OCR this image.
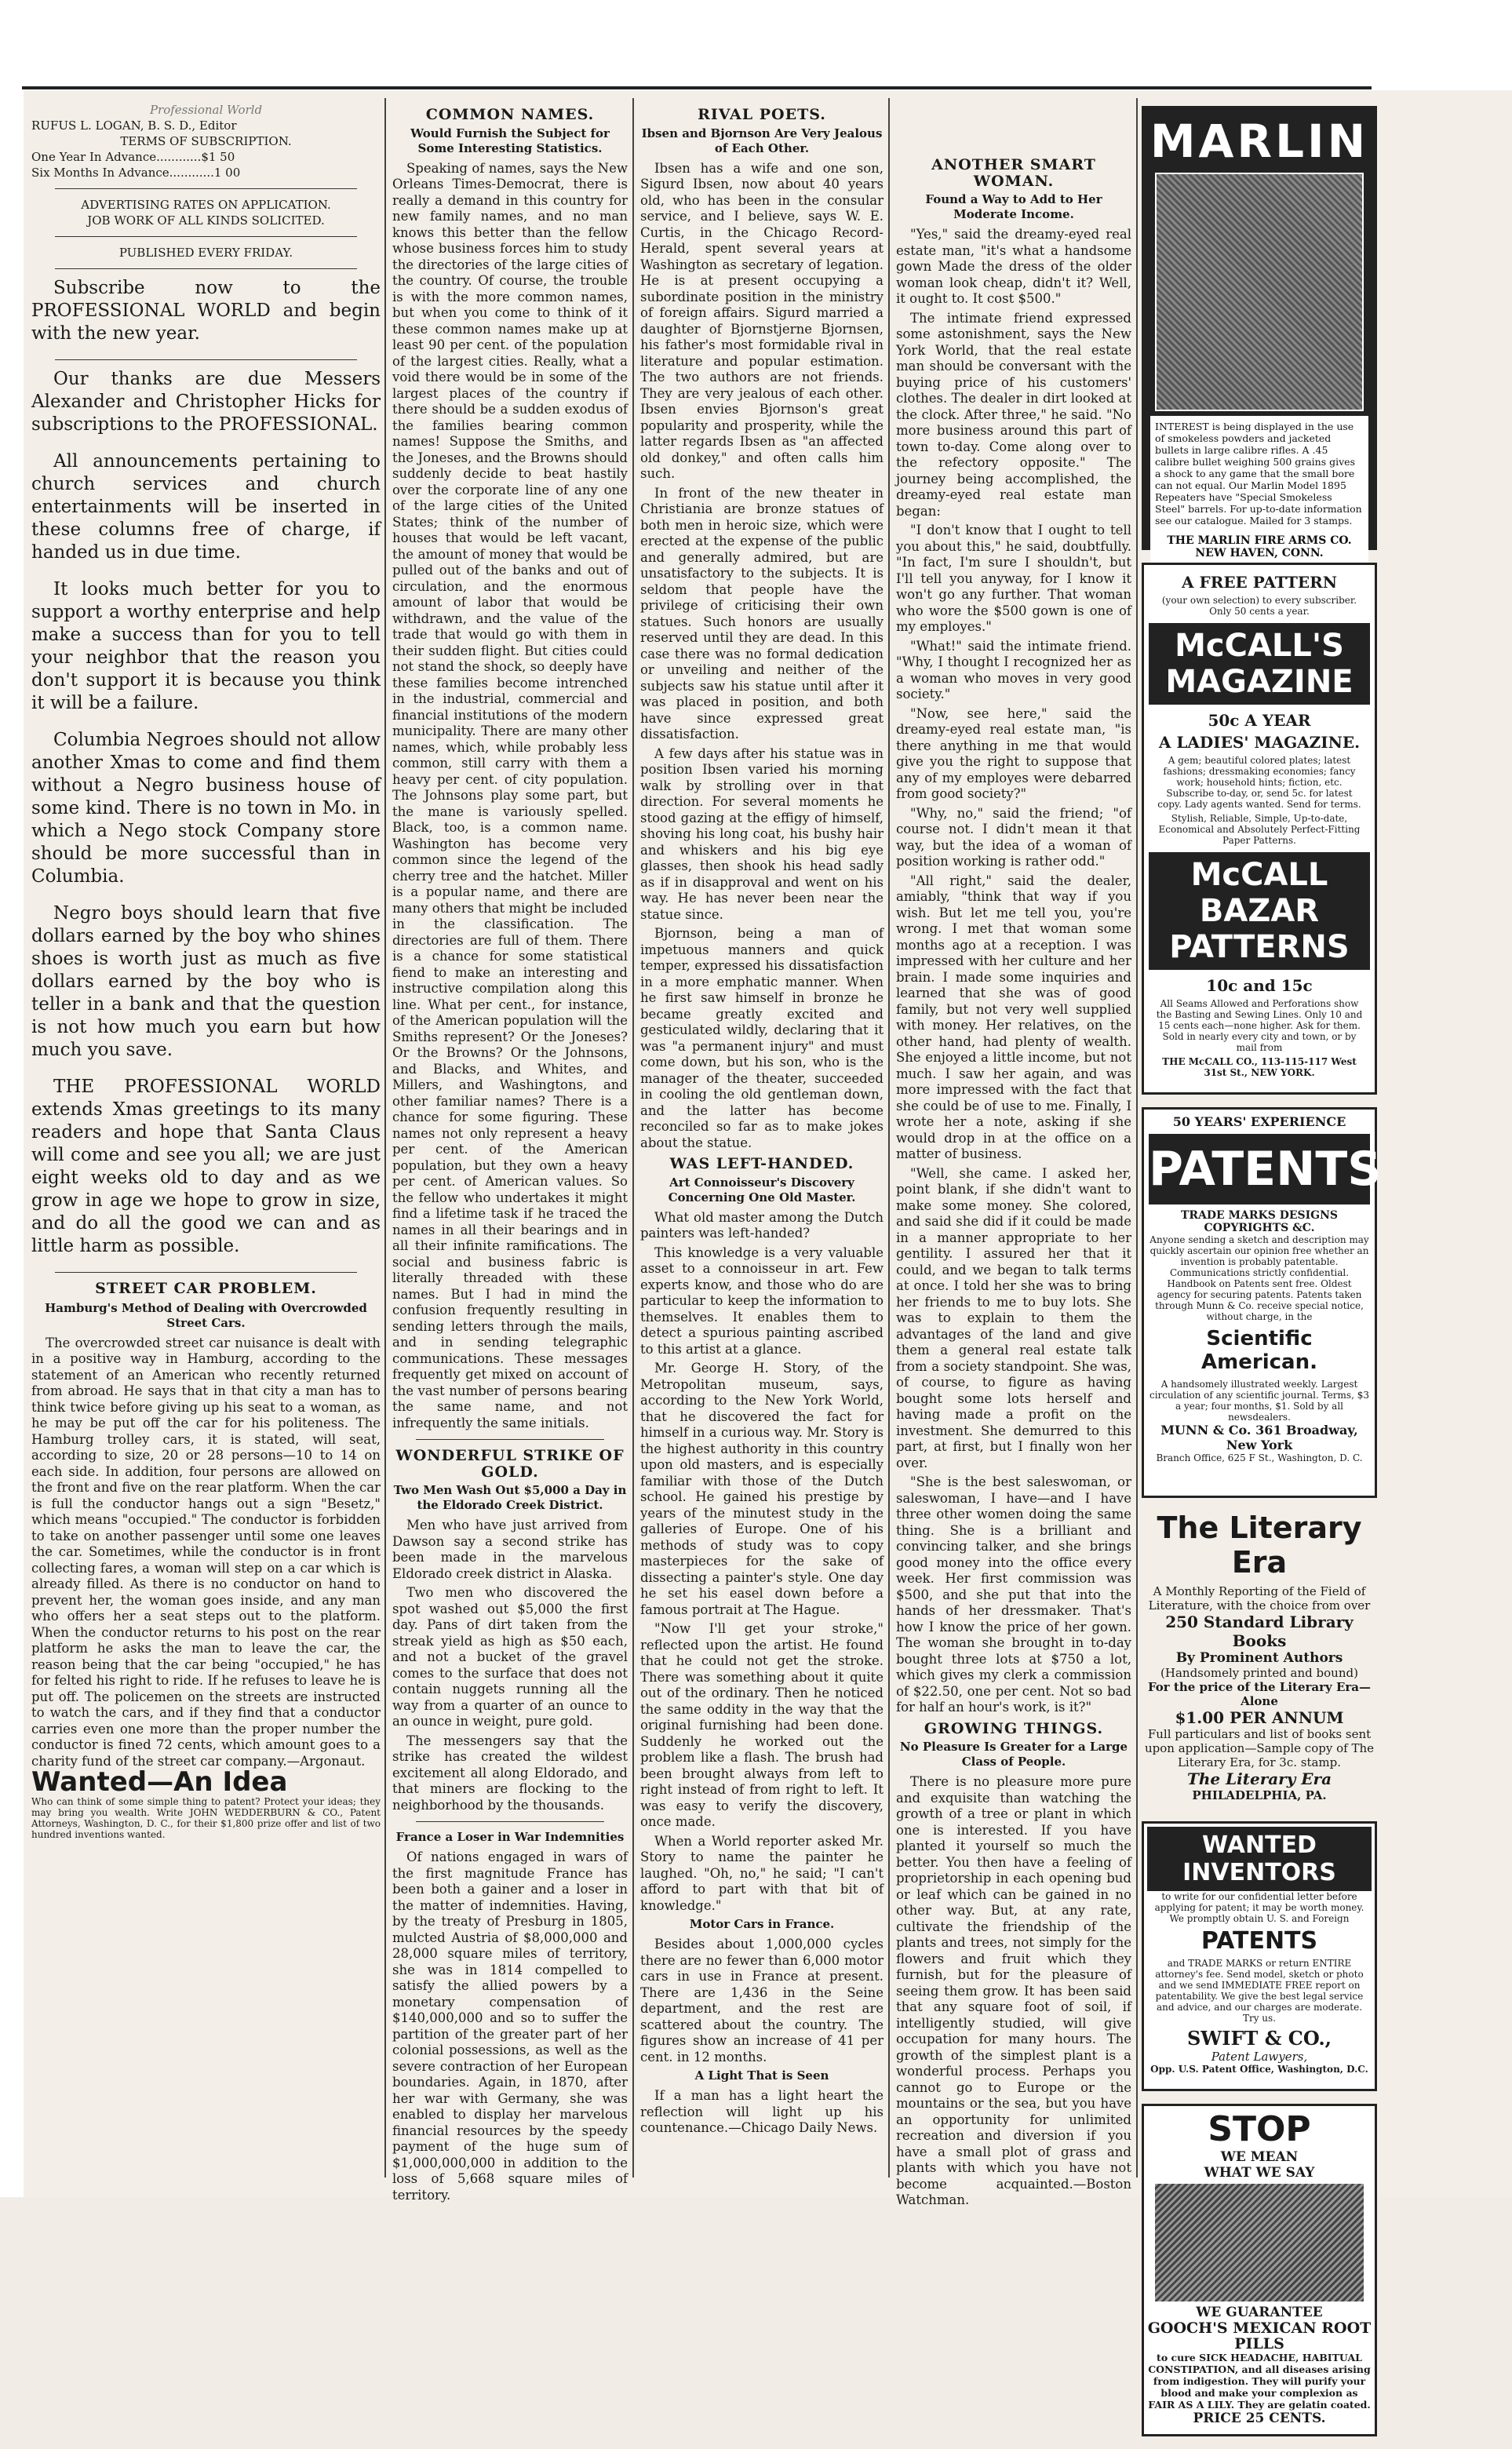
Professional World
RUFUS L. LOGAN, B. S. D., Editor
TERMS OF SUBSCRIPTION.
One Year In Advance............$1 50
Six Months In Advance............1 00
ADVERTISING RATES ON APPLICATION.
JOB WORK OF ALL KINDS SOLICITED.
PUBLISHED EVERY FRIDAY.

Subscribe now to the PROFESSIONAL WORLD and begin with the new year.

Our thanks are due Messers Alexander and Christopher Hicks for subscriptions to the PROFESSIONAL.

All announcements pertaining to church services and church entertainments will be inserted in these columns free of charge, if handed us in due time.

It looks much better for you to support a worthy enterprise and help make a success than for you to tell your neighbor that the reason you don't support it is because you think it will be a failure.

Columbia Negroes should not allow another Xmas to come and find them without a Negro business house of some kind. There is no town in Mo. in which a Nego stock Company store should be more successful than in Columbia.

Negro boys should learn that five dollars earned by the boy who shines shoes is worth just as much as five dollars earned by the boy who is teller in a bank and that the question is not how much you earn but how much you save.

THE PROFESSIONAL WORLD extends Xmas greetings to its many readers and hope that Santa Claus will come and see you all; we are just eight weeks old to day and as we grow in age we hope to grow in size, and do all the good we can and as little harm as possible.

STREET CAR PROBLEM.
Hamburg's Method of Dealing with Overcrowded Street Cars.

The overcrowded street car nuisance is dealt with in a positive way in Hamburg, according to the statement of an American who recently returned from abroad. He says that in that city a man has to think twice before giving up his seat to a woman, as he may be put off the car for his politeness. The Hamburg trolley cars, it is stated, will seat, according to size, 20 or 28 persons—10 to 14 on each side. In addition, four persons are allowed on the front and five on the rear platform. When the car is full the conductor hangs out a sign "Besetz," which means "occupied." The conductor is forbidden to take on another passenger until some one leaves the car. Sometimes, while the conductor is in front collecting fares, a woman will step on a car which is already filled. As there is no conductor on hand to prevent her, the woman goes inside, and any man who offers her a seat steps out to the platform. When the conductor returns to his post on the rear platform he asks the man to leave the car, the reason being that the car being "occupied," he has for felted his right to ride. If he refuses to leave he is put off. The policemen on the streets are instructed to watch the cars, and if they find that a conductor carries even one more than the proper number the conductor is fined 72 cents, which amount goes to a charity fund of the street car company.—Argonaut.

Wanted—An Idea
Who can think of some simple thing to patent? Protect your ideas; they may bring you wealth. Write JOHN WEDDERBURN & CO., Patent Attorneys, Washington, D. C., for their $1,800 prize offer and list of two hundred inventions wanted.
COMMON NAMES.
Would Furnish the Subject for Some Interesting Statistics.

Speaking of names, says the New Orleans Times-Democrat, there is really a demand in this country for new family names, and no man knows this better than the fellow whose business forces him to study the directories of the large cities of the country. Of course, the trouble is with the more common names, but when you come to think of it these common names make up at least 90 per cent. of the population of the largest cities. Really, what a void there would be in some of the largest places of the country if there should be a sudden exodus of the families bearing common names! Suppose the Smiths, and the Joneses, and the Browns should suddenly decide to beat hastily over the corporate line of any one of the large cities of the United States; think of the number of houses that would be left vacant, the amount of money that would be pulled out of the banks and out of circulation, and the enormous amount of labor that would be withdrawn, and the value of the trade that would go with them in their sudden flight. But cities could not stand the shock, so deeply have these families become intrenched in the industrial, commercial and financial institutions of the modern municipality. There are many other names, which, while probably less common, still carry with them a heavy per cent. of city population. The Johnsons play some part, but the mane is variously spelled. Black, too, is a common name. Washington has become very common since the legend of the cherry tree and the hatchet. Miller is a popular name, and there are many others that might be included in the classification. The directories are full of them. There is a chance for some statistical fiend to make an interesting and instructive compilation along this line. What per cent., for instance, of the American population will the Smiths represent? Or the Joneses? Or the Browns? Or the Johnsons, and Blacks, and Whites, and Millers, and Washingtons, and other familiar names? There is a chance for some figuring. These names not only represent a heavy per cent. of the American population, but they own a heavy per cent. of American values. So the fellow who undertakes it might find a lifetime task if he traced the names in all their bearings and in all their infinite ramifications. The social and business fabric is literally threaded with these names. But I had in mind the confusion frequently resulting in sending letters through the mails, and in sending telegraphic communications. These messages frequently get mixed on account of the vast number of persons bearing the same name, and not infrequently the same initials.

WONDERFUL STRIKE OF GOLD.
Two Men Wash Out $5,000 a Day in the Eldorado Creek District.

Men who have just arrived from Dawson say a second strike has been made in the marvelous Eldorado creek district in Alaska.

Two men who discovered the spot washed out $5,000 the first day. Pans of dirt taken from the streak yield as high as $50 each, and not a bucket of the gravel comes to the surface that does not contain nuggets running all the way from a quarter of an ounce to an ounce in weight, pure gold.

The messengers say that the strike has created the wildest excitement all along Eldorado, and that miners are flocking to the neighborhood by the thousands.

France a Loser in War Indemnities

Of nations engaged in wars of the first magnitude France has been both a gainer and a loser in the matter of indemnities. Having, by the treaty of Presburg in 1805, mulcted Austria of $8,000,000 and 28,000 square miles of territory, she was in 1814 compelled to satisfy the allied powers by a monetary compensation of $140,000,000 and so to suffer the partition of the greater part of her colonial possessions, as well as the severe contraction of her European boundaries. Again, in 1870, after her war with Germany, she was enabled to display her marvelous financial resources by the speedy payment of the huge sum of $1,000,000,000 in addition to the loss of 5,668 square miles of territory.

RIVAL POETS.
Ibsen and Bjornson Are Very Jealous of Each Other.

Ibsen has a wife and one son, Sigurd Ibsen, now about 40 years old, who has been in the consular service, and I believe, says W. E. Curtis, in the Chicago Record-Herald, spent several years at Washington as secretary of legation. He is at present occupying a subordinate position in the ministry of foreign affairs. Sigurd married a daughter of Bjornstjerne Bjornsen, his father's most formidable rival in literature and popular estimation. The two authors are not friends. They are very jealous of each other. Ibsen envies Bjornson's great popularity and prosperity, while the latter regards Ibsen as "an affected old donkey," and often calls him such.

In front of the new theater in Christiania are bronze statues of both men in heroic size, which were erected at the expense of the public and generally admired, but are unsatisfactory to the subjects. It is seldom that people have the privilege of criticising their own statues. Such honors are usually reserved until they are dead. In this case there was no formal dedication or unveiling and neither of the subjects saw his statue until after it was placed in position, and both have since expressed great dissatisfaction.

A few days after his statue was in position Ibsen varied his morning walk by strolling over in that direction. For several moments he stood gazing at the effigy of himself, shoving his long coat, his bushy hair and whiskers and his big eye glasses, then shook his head sadly as if in disapproval and went on his way. He has never been near the statue since.

Bjornson, being a man of impetuous manners and quick temper, expressed his dissatisfaction in a more emphatic manner. When he first saw himself in bronze he became greatly excited and gesticulated wildly, declaring that it was "a permanent injury" and must come down, but his son, who is the manager of the theater, succeeded in cooling the old gentleman down, and the latter has become reconciled so far as to make jokes about the statue.

WAS LEFT-HANDED.
Art Connoisseur's Discovery Concerning One Old Master.

What old master among the Dutch painters was left-handed?

This knowledge is a very valuable asset to a connoisseur in art. Few experts know, and those who do are particular to keep the information to themselves. It enables them to detect a spurious painting ascribed to this artist at a glance.

Mr. George H. Story, of the Metropolitan museum, says, according to the New York World, that he discovered the fact for himself in a curious way. Mr. Story is the highest authority in this country upon old masters, and is especially familiar with those of the Dutch school. He gained his prestige by years of the minutest study in the galleries of Europe. One of his methods of study was to copy masterpieces for the sake of dissecting a painter's style. One day he set his easel down before a famous portrait at The Hague.

"Now I'll get your stroke," reflected upon the artist. He found that he could not get the stroke. There was something about it quite out of the ordinary. Then he noticed the same oddity in the way that the original furnishing had been done. Suddenly he worked out the problem like a flash. The brush had been brought always from left to right instead of from right to left. It was easy to verify the discovery, once made.

When a World reporter asked Mr. Story to name the painter he laughed. "Oh, no," he said; "I can't afford to part with that bit of knowledge."

Motor Cars in France.

Besides about 1,000,000 cycles there are no fewer than 6,000 motor cars in use in France at present. There are 1,436 in the Seine department, and the rest are scattered about the country. The figures show an increase of 41 per cent. in 12 months.

A Light That is Seen

If a man has a light heart the reflection will light up his countenance.—Chicago Daily News.

ANOTHER SMART WOMAN.
Found a Way to Add to Her Moderate Income.

"Yes," said the dreamy-eyed real estate man, "it's what a handsome gown Made the dress of the older woman look cheap, didn't it? Well, it ought to. It cost $500."

The intimate friend expressed some astonishment, says the New York World, that the real estate man should be conversant with the buying price of his customers' clothes. The dealer in dirt looked at the clock. After three," he said. "No more business around this part of town to-day. Come along over to the refectory opposite." The journey being accomplished, the dreamy-eyed real estate man began:

"I don't know that I ought to tell you about this," he said, doubtfully. "In fact, I'm sure I shouldn't, but I'll tell you anyway, for I know it won't go any further. That woman who wore the $500 gown is one of my employes."

"What!" said the intimate friend. "Why, I thought I recognized her as a woman who moves in very good society."

"Now, see here," said the dreamy-eyed real estate man, "is there anything in me that would give you the right to suppose that any of my employes were debarred from good society?"

"Why, no," said the friend; "of course not. I didn't mean it that way, but the idea of a woman of position working is rather odd."

"All right," said the dealer, amiably, "think that way if you wish. But let me tell you, you're wrong. I met that woman some months ago at a reception. I was impressed with her culture and her brain. I made some inquiries and learned that she was of good family, but not very well supplied with money. Her relatives, on the other hand, had plenty of wealth. She enjoyed a little income, but not much. I saw her again, and was more impressed with the fact that she could be of use to me. Finally, I wrote her a note, asking if she would drop in at the office on a matter of business.

"Well, she came. I asked her, point blank, if she didn't want to make some money. She colored, and said she did if it could be made in a manner appropriate to her gentility. I assured her that it could, and we began to talk terms at once. I told her she was to bring her friends to me to buy lots. She was to explain to them the advantages of the land and give them a general real estate talk from a society standpoint. She was, of course, to figure as having bought some lots herself and having made a profit on the investment. She demurred to this part, at first, but I finally won her over.

"She is the best saleswoman, or saleswoman, I have—and I have three other women doing the same thing. She is a brilliant and convincing talker, and she brings good money into the office every week. Her first commission was $500, and she put that into the hands of her dressmaker. That's how I know the price of her gown. The woman she brought in to-day bought three lots at $750 a lot, which gives my clerk a commission of $22.50, one per cent. Not so bad for half an hour's work, is it?"

GROWING THINGS.
No Pleasure Is Greater for a Large Class of People.

There is no pleasure more pure and exquisite than watching the growth of a tree or plant in which one is interested. If you have planted it yourself so much the better. You then have a feeling of proprietorship in each opening bud or leaf which can be gained in no other way. But, at any rate, cultivate the friendship of the plants and trees, not simply for the flowers and fruit which they furnish, but for the pleasure of seeing them grow. It has been said that any square foot of soil, if intelligently studied, will give occupation for many hours. The growth of the simplest plant is a wonderful process. Perhaps you cannot go to Europe or the mountains or the sea, but you have an opportunity for unlimited recreation and diversion if you have a small plot of grass and plants with which you have not become acquainted.—Boston Watchman.

MARLIN
INTEREST is being displayed in the use of smokeless powders and jacketed bullets in large calibre rifles. A .45 calibre bullet weighing 500 grains gives a shock to any game that the small bore can not equal. Our Marlin Model 1895 Repeaters have "Special Smokeless Steel" barrels. For up-to-date information see our catalogue. Mailed for 3 stamps.
THE MARLIN FIRE ARMS CO. NEW HAVEN, CONN.
A FREE PATTERN
(your own selection) to every subscriber. Only 50 cents a year.
McCALL'S MAGAZINE
50c A YEAR
A LADIES' MAGAZINE.
A gem; beautiful colored plates; latest fashions; dressmaking economies; fancy work; household hints; fiction, etc. Subscribe to-day, or, send 5c. for latest copy. Lady agents wanted. Send for terms.
Stylish, Reliable, Simple, Up-to-date, Economical and Absolutely Perfect-Fitting Paper Patterns.
McCALL BAZAR PATTERNS
10c and 15c
All Seams Allowed and Perforations show the Basting and Sewing Lines. Only 10 and 15 cents each—none higher. Ask for them. Sold in nearly every city and town, or by mail from
THE McCALL CO., 113-115-117 West 31st St., NEW YORK.
50 YEARS' EXPERIENCE
PATENTS
TRADE MARKS DESIGNS COPYRIGHTS &C.
Anyone sending a sketch and description may quickly ascertain our opinion free whether an invention is probably patentable. Communications strictly confidential. Handbook on Patents sent free. Oldest agency for securing patents. Patents taken through Munn & Co. receive special notice, without charge, in the
Scientific American.
A handsomely illustrated weekly. Largest circulation of any scientific journal. Terms, $3 a year; four months, $1. Sold by all newsdealers.
MUNN & Co. 361 Broadway, New York
Branch Office, 625 F St., Washington, D. C.
The Literary Era
A Monthly Reporting of the Field of Literature, with the choice from over
250 Standard Library Books
By Prominent Authors
(Handsomely printed and bound)
For the price of the Literary Era—Alone
$1.00 PER ANNUM
Full particulars and list of books sent upon application—Sample copy of The Literary Era, for 3c. stamp.
The Literary Era
PHILADELPHIA, PA.
WANTED INVENTORS
to write for our confidential letter before applying for patent; it may be worth money. We promptly obtain U. S. and Foreign
PATENTS
and TRADE MARKS or return ENTIRE attorney's fee. Send model, sketch or photo and we send IMMEDIATE FREE report on patentability. We give the best legal service and advice, and our charges are moderate. Try us.
SWIFT & CO.,
Patent Lawyers,
Opp. U.S. Patent Office, Washington, D.C.
STOP
WE MEAN
WHAT WE SAY
WE GUARANTEE
GOOCH'S MEXICAN ROOT PILLS
to cure SICK HEADACHE, HABITUAL CONSTIPATION, and all diseases arising from indigestion. They will purify your blood and make your complexion as FAIR AS A LILY. They are gelatin coated.
PRICE 25 CENTS.
